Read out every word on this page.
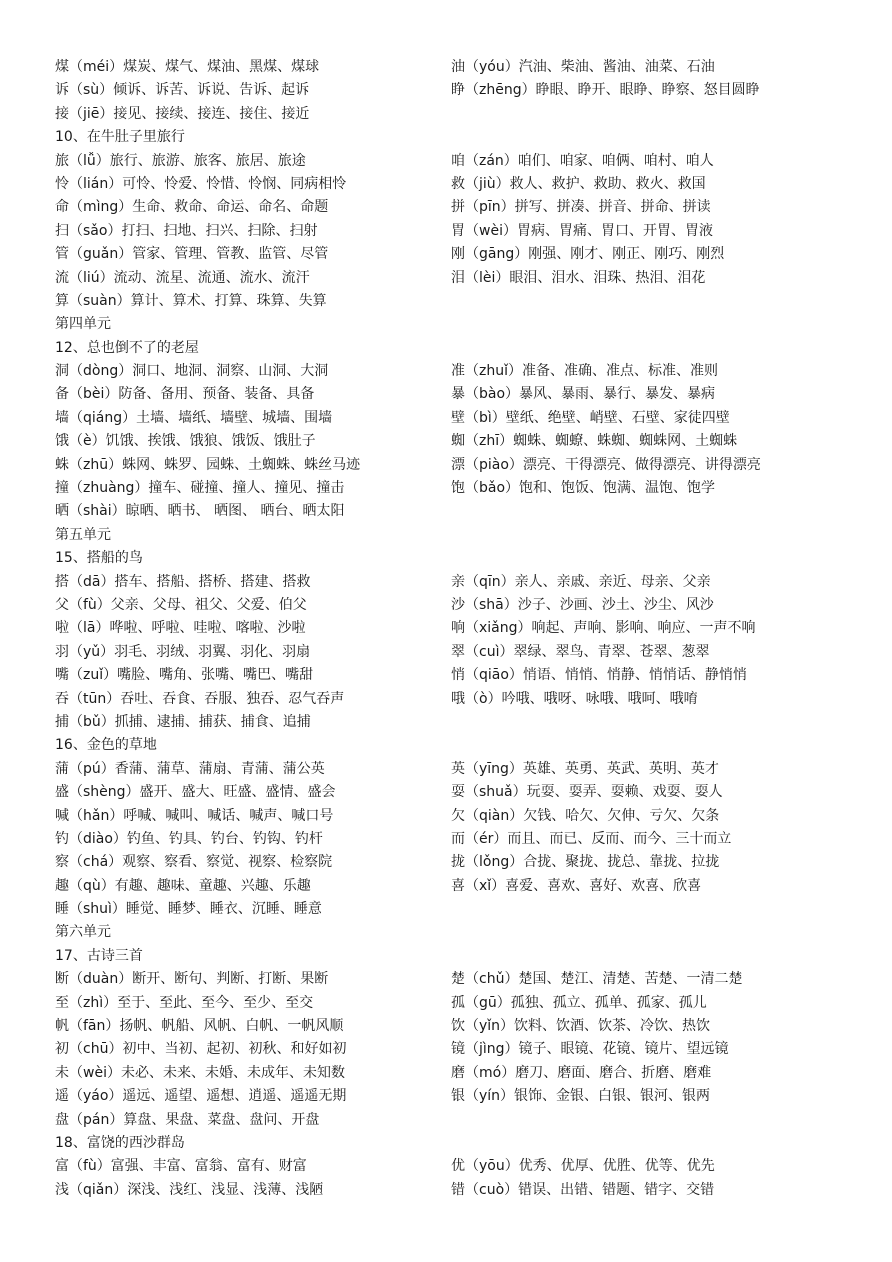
煤（méi）煤炭、煤气、煤油、黑煤、煤球	油（yóu）汽油、柴油、酱油、油菜、石油
诉（sù）倾诉、诉苦、诉说、告诉、起诉	睁（zhēng）睁眼、睁开、眼睁、睁察、怒目圆睁
接（jiē）接见、接续、接连、接住、接近
10、在牛肚子里旅行
旅（lǚ）旅行、旅游、旅客、旅居、旅途	咱（zán）咱们、咱家、咱俩、咱村、咱人
怜（lián）可怜、怜爱、怜惜、怜悯、同病相怜	救（jiù）救人、救护、救助、救火、救国
命（mìng）生命、救命、命运、命名、命题	拼（pīn）拼写、拼凑、拼音、拼命、拼读
扫（sǎo）打扫、扫地、扫兴、扫除、扫射	胃（wèi）胃病、胃痛、胃口、开胃、胃液
管（guǎn）管家、管理、管教、监管、尽管	刚（gāng）刚强、刚才、刚正、刚巧、刚烈
流（liú）流动、流星、流通、流水、流汗	泪（lèi）眼泪、泪水、泪珠、热泪、泪花
算（suàn）算计、算术、打算、珠算、失算
第四单元
12、总也倒不了的老屋
洞（dòng）洞口、地洞、洞察、山洞、大洞	准（zhuǐ）准备、准确、准点、标准、准则
备（bèi）防备、备用、预备、装备、具备	暴（bào）暴风、暴雨、暴行、暴发、暴病
墙（qiáng）土墙、墙纸、墙壁、城墙、围墙	壁（bì）壁纸、绝壁、峭壁、石壁、家徒四壁
饿（è）饥饿、挨饿、饿狼、饿饭、饿肚子	蜘（zhī）蜘蛛、蜘蟟、蛛蜘、蜘蛛网、土蜘蛛
蛛（zhū）蛛网、蛛罗、园蛛、土蜘蛛、蛛丝马迹	漂（piào）漂亮、干得漂亮、做得漂亮、讲得漂亮
撞（zhuàng）撞车、碰撞、撞人、撞见、撞击	饱（bǎo）饱和、饱饭、饱满、温饱、饱学
晒（shài）晾晒、晒书、 晒图、 晒台、晒太阳
第五单元
15、搭船的鸟
搭（dā）搭车、搭船、搭桥、搭建、搭救	亲（qīn）亲人、亲戚、亲近、母亲、父亲
父（fù）父亲、父母、祖父、父爱、伯父	沙（shā）沙子、沙画、沙土、沙尘、风沙
啦（lā）哗啦、呼啦、哇啦、喀啦、沙啦	响（xiǎng）响起、声响、影响、响应、一声不响
羽（yǔ）羽毛、羽绒、羽翼、羽化、羽扇	翠（cuì）翠绿、翠鸟、青翠、苍翠、葱翠
嘴（zuǐ）嘴脸、嘴角、张嘴、嘴巴、嘴甜	悄（qiāo）悄语、悄悄、悄静、悄悄话、静悄悄
吞（tūn）吞吐、吞食、吞服、独吞、忍气吞声	哦（ò）吟哦、哦呀、咏哦、哦呵、哦唷
捕（bǔ）抓捕、逮捕、捕获、捕食、追捕
16、金色的草地
蒲（pú）香蒲、蒲草、蒲扇、青蒲、蒲公英	英（yīng）英雄、英勇、英武、英明、英才
盛（shèng）盛开、盛大、旺盛、盛情、盛会	耍（shuǎ）玩耍、耍弄、耍赖、戏耍、耍人
喊（hǎn）呼喊、喊叫、喊话、喊声、喊口号	欠（qiàn）欠钱、哈欠、欠伸、亏欠、欠条
钓（diào）钓鱼、钓具、钓台、钓钩、钓杆	而（ér）而且、而已、反而、而今、三十而立
察（chá）观察、察看、察觉、视察、检察院	拢（lǒng）合拢、聚拢、拢总、靠拢、拉拢
趣（qù）有趣、趣味、童趣、兴趣、乐趣	喜（xǐ）喜爱、喜欢、喜好、欢喜、欣喜
睡（shuì）睡觉、睡梦、睡衣、沉睡、睡意
第六单元
17、古诗三首
断（duàn）断开、断句、判断、打断、果断	楚（chǔ）楚国、楚江、清楚、苦楚、一清二楚
至（zhì）至于、至此、至今、至少、至交	孤（gū）孤独、孤立、孤单、孤家、孤儿
帆（fān）扬帆、帆船、风帆、白帆、一帆风顺	饮（yǐn）饮料、饮酒、饮茶、冷饮、热饮
初（chū）初中、当初、起初、初秋、和好如初	镜（jìng）镜子、眼镜、花镜、镜片、望远镜
未（wèi）未必、未来、未婚、未成年、未知数	磨（mó）磨刀、磨面、磨合、折磨、磨难
遥（yáo）遥远、遥望、遥想、逍遥、遥遥无期	银（yín）银饰、金银、白银、银河、银两
盘（pán）算盘、果盘、菜盘、盘问、开盘
18、富饶的西沙群岛
富（fù）富强、丰富、富翁、富有、财富	优（yōu）优秀、优厚、优胜、优等、优先
浅（qiǎn）深浅、浅红、浅显、浅薄、浅陋	错（cuò）错误、出错、错题、错字、交错
